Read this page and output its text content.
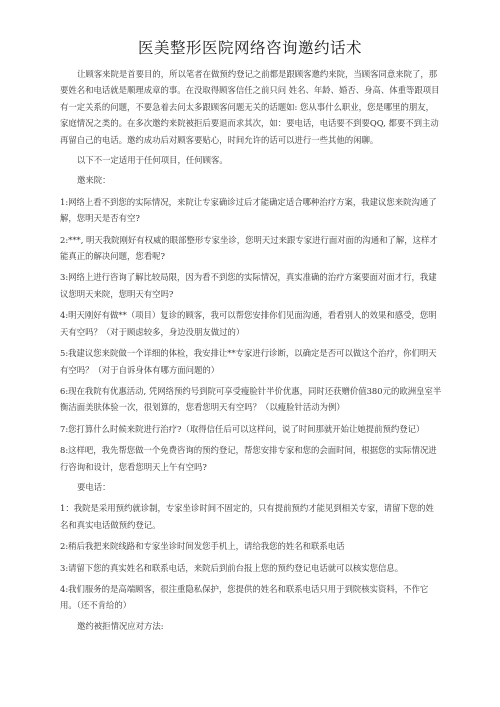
医美整形医院网络咨询邀约话术

让顾客来院是首要目的，所以笔者在做预约登记之前都是跟顾客邀约来院，当顾客同意来院了，那要姓名和电话就是顺理成章的事。在没取得顾客信任之前只问 姓名、年龄、婚否、身高、体重等跟项目有一定关系的问题，不要急着去问太多跟顾客问题无关的话题如: 您从事什么职业，您是哪里的朋友，家庭情况之类的。在多次邀约来院被拒后要退而求其次，如：要电话，电话要不到要QQ, 都要不到主动再留自己的电话。邀约成功后对顾客要贴心，时间允许的话可以进行一些其他的闲聊。

以下不一定适用于任何项目，任何顾客。

邀来院：

1:网络上看不到您的实际情况，来院让专家确诊过后才能确定适合哪种治疗方案，我建议您来院沟通了解，您明天是否有空?

2:***, 明天我院刚好有权威的眼部整形专家坐诊，您明天过来跟专家进行面对面的沟通和了解，这样才能真正的解决问题，您看呢?

3:网络上进行咨询了解比较局限，因为看不到您的实际情况，真实准确的治疗方案要面对面才行，我建议您明天来院，您明天有空吗?

4:明天刚好有做**（项目）复诊的顾客，我可以帮您安排你们见面沟通，看看别人的效果和感受，您明天有空吗？（对于顾虑较多，身边没朋友做过的）

5:我建议您来院做一个详细的体检，我安排让**专家进行诊断，以确定是否可以做这个治疗，你们明天有空吗？（对于自诉身体有哪方面问题的）

6:现在我院有优惠活动, 凭网络预约号到院可享受瘦脸针半价优惠，同时还获赠价值380元的欧洲皇室半衡洁面美肤体验一次，很划算的，您看您明天有空吗？（以瘦脸针活动为例）

7:您打算什么时候来院进行治疗?（取得信任后可以这样问，说了时间那就开始让她提前预约登记）

8:这样吧，我先帮您做一个免费咨询的预约登记，帮您安排专家和您的会面时间，根据您的实际情况进行咨询和设计，您看您明天上午有空吗?

要电话：

1：我院是采用预约就诊制，专家坐诊时间不固定的，只有提前预约才能见到相关专家，请留下您的姓名和真实电话做预约登记。

2:稍后我把来院线路和专家坐诊时间发您手机上，请给我您的姓名和联系电话

3:请留下您的真实姓名和联系电话，来院后到前台报上您的预约登记电话就可以核实您信息。

4:我们服务的是高端顾客，很注重隐私保护，您提供的姓名和联系电话只用于到院核实资料，不作它用。（还不肯给的）

邀约被拒情况应对方法:
